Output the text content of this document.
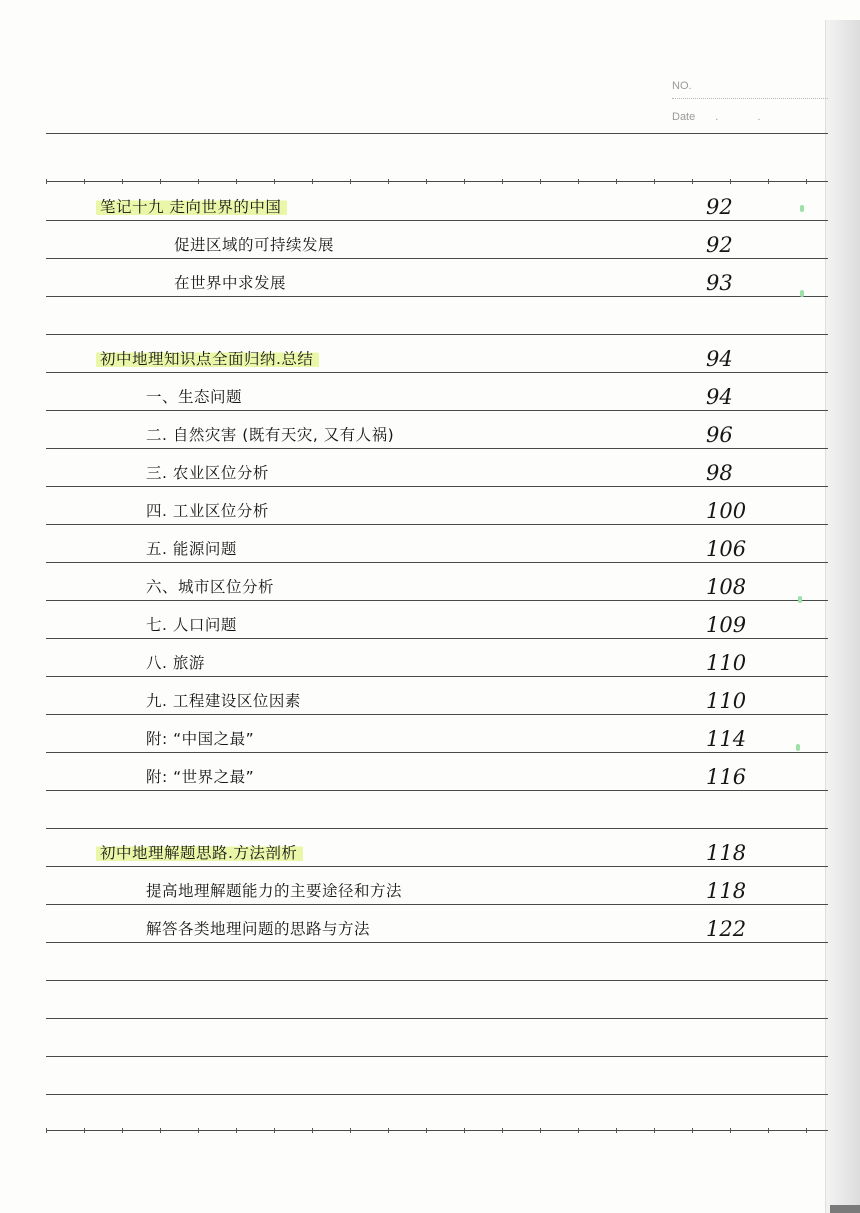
NO.
Date . .
笔记十九 走向世界的中国	92
促进区域的可持续发展	92
在世界中求发展	93
初中地理知识点全面归纳.总结	94
一、生态问题	94
二. 自然灾害 (既有天灾, 又有人祸)	96
三. 农业区位分析	98
四. 工业区位分析	100
五. 能源问题	106
六、城市区位分析	108
七. 人口问题	109
八. 旅游	110
九. 工程建设区位因素	110
附: “中国之最”	114
附: “世界之最”	116
初中地理解题思路.方法剖析	118
提高地理解题能力的主要途径和方法	118
解答各类地理问题的思路与方法	122
